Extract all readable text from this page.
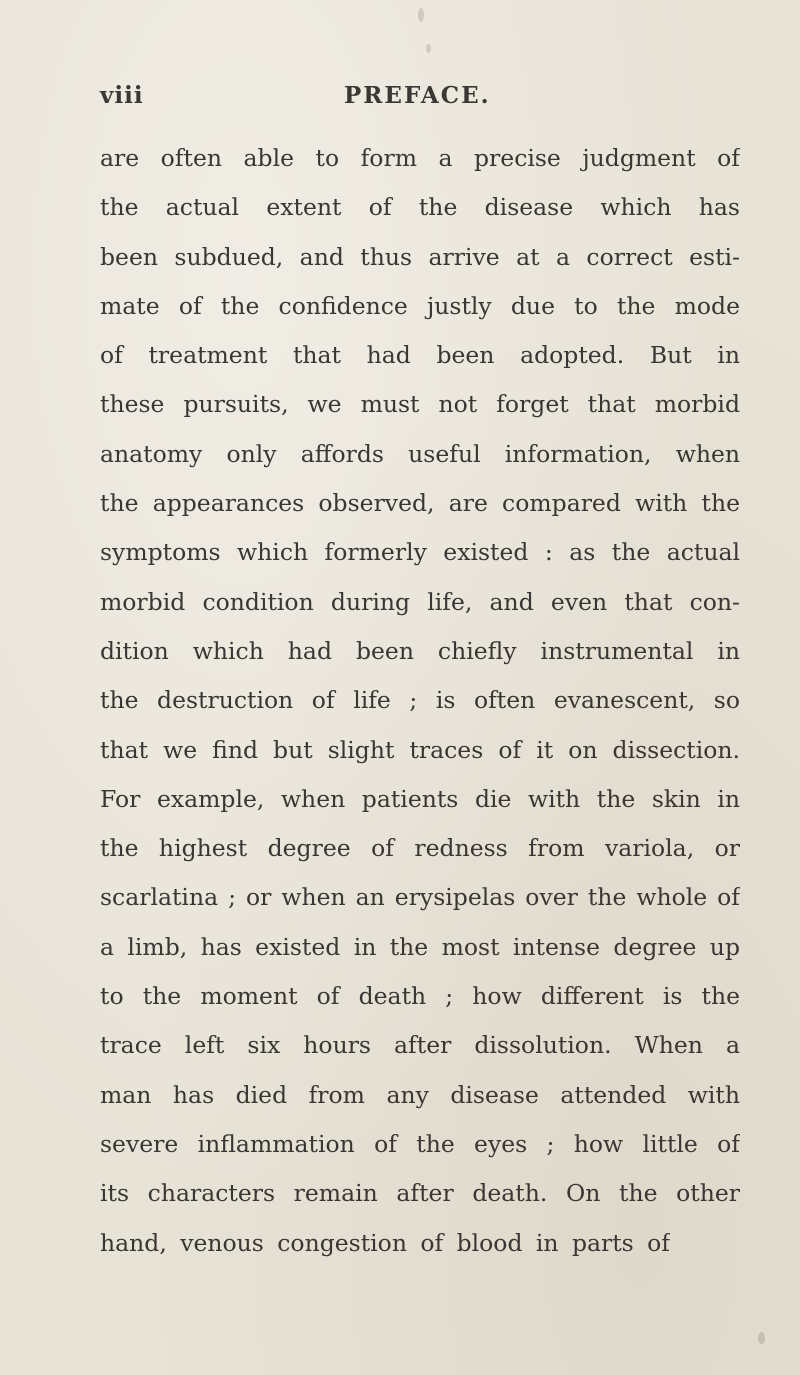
viii	PREFACE.
are often able to form a precise judgment of
the actual extent of the disease which has
been subdued, and thus arrive at a correct esti-
mate of the confidence justly due to the mode
of treatment that had been adopted. But in
these pursuits, we must not forget that morbid
anatomy only affords useful information, when
the appearances observed, are compared with the
symptoms which formerly existed : as the actual
morbid condition during life, and even that con-
dition which had been chiefly instrumental in
the destruction of life ; is often evanescent, so
that we find but slight traces of it on dissection.
For example, when patients die with the skin in
the highest degree of redness from variola, or
scarlatina ; or when an erysipelas over the whole of
a limb, has existed in the most intense degree up
to the moment of death ; how different is the
trace left six hours after dissolution. When a
man has died from any disease attended with
severe inflammation of the eyes ; how little of
its characters remain after death. On the other
hand, venous congestion of blood in parts of
